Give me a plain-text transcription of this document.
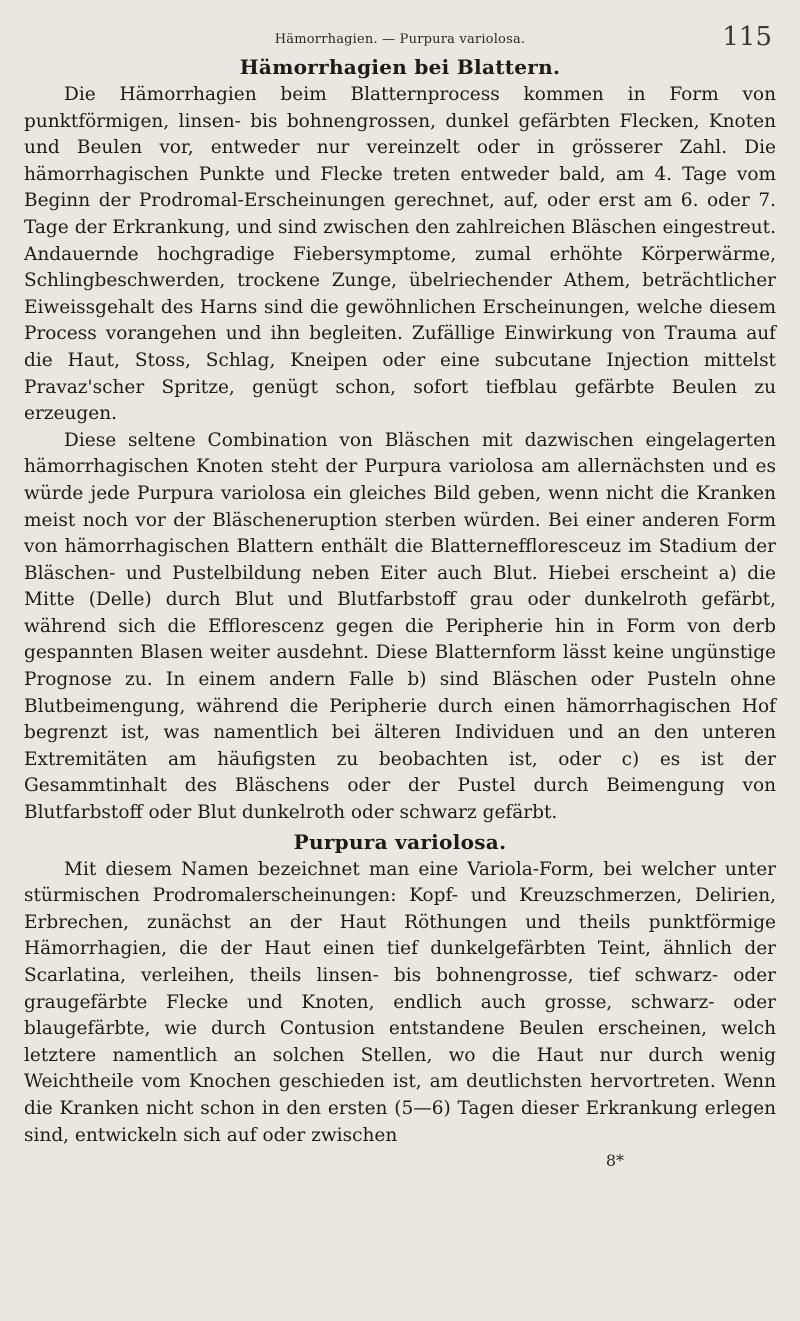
Hämorrhagien. — Purpura variolosa.	115
Hämorrhagien bei Blattern.

Die Hämorrhagien beim Blatternprocess kommen in Form von punktförmigen, linsen- bis bohnengrossen, dunkel gefärbten Flecken, Knoten und Beulen vor, entweder nur vereinzelt oder in grösserer Zahl. Die hämorrhagischen Punkte und Flecke treten entweder bald, am 4. Tage vom Beginn der Prodromal-Erscheinungen gerechnet, auf, oder erst am 6. oder 7. Tage der Erkrankung, und sind zwischen den zahlreichen Bläschen eingestreut. Andauernde hochgradige Fiebersymptome, zumal erhöhte Körperwärme, Schlingbeschwerden, trockene Zunge, übelriechender Athem, beträchtlicher Eiweissgehalt des Harns sind die gewöhnlichen Erscheinungen, welche diesem Process vorangehen und ihn begleiten. Zufällige Einwirkung von Trauma auf die Haut, Stoss, Schlag, Kneipen oder eine subcutane Injection mittelst Pravaz'scher Spritze, genügt schon, sofort tiefblau gefärbte Beulen zu erzeugen.

Diese seltene Combination von Bläschen mit dazwischen eingelagerten hämorrhagischen Knoten steht der Purpura variolosa am allernächsten und es würde jede Purpura variolosa ein gleiches Bild geben, wenn nicht die Kranken meist noch vor der Bläscheneruption sterben würden. Bei einer anderen Form von hämorrhagischen Blattern enthält die Blatterneffloresceuz im Stadium der Bläschen- und Pustelbildung neben Eiter auch Blut. Hiebei erscheint a) die Mitte (Delle) durch Blut und Blutfarbstoff grau oder dunkelroth gefärbt, während sich die Efflorescenz gegen die Peripherie hin in Form von derb gespannten Blasen weiter ausdehnt. Diese Blatternform lässt keine ungünstige Prognose zu. In einem andern Falle b) sind Bläschen oder Pusteln ohne Blutbeimengung, während die Peripherie durch einen hämorrhagischen Hof begrenzt ist, was namentlich bei älteren Individuen und an den unteren Extremitäten am häufigsten zu beobachten ist, oder c) es ist der Gesammtinhalt des Bläschens oder der Pustel durch Beimengung von Blutfarbstoff oder Blut dunkelroth oder schwarz gefärbt.

Purpura variolosa.

Mit diesem Namen bezeichnet man eine Variola-Form, bei welcher unter stürmischen Prodromalerscheinungen: Kopf- und Kreuzschmerzen, Delirien, Erbrechen, zunächst an der Haut Röthungen und theils punktförmige Hämorrhagien, die der Haut einen tief dunkelgefärbten Teint, ähnlich der Scarlatina, verleihen, theils linsen- bis bohnengrosse, tief schwarz- oder graugefärbte Flecke und Knoten, endlich auch grosse, schwarz- oder blaugefärbte, wie durch Contusion entstandene Beulen erscheinen, welch letztere namentlich an solchen Stellen, wo die Haut nur durch wenig Weichtheile vom Knochen geschieden ist, am deutlichsten hervortreten. Wenn die Kranken nicht schon in den ersten (5—6) Tagen dieser Erkrankung erlegen sind, entwickeln sich auf oder zwischen

8*
